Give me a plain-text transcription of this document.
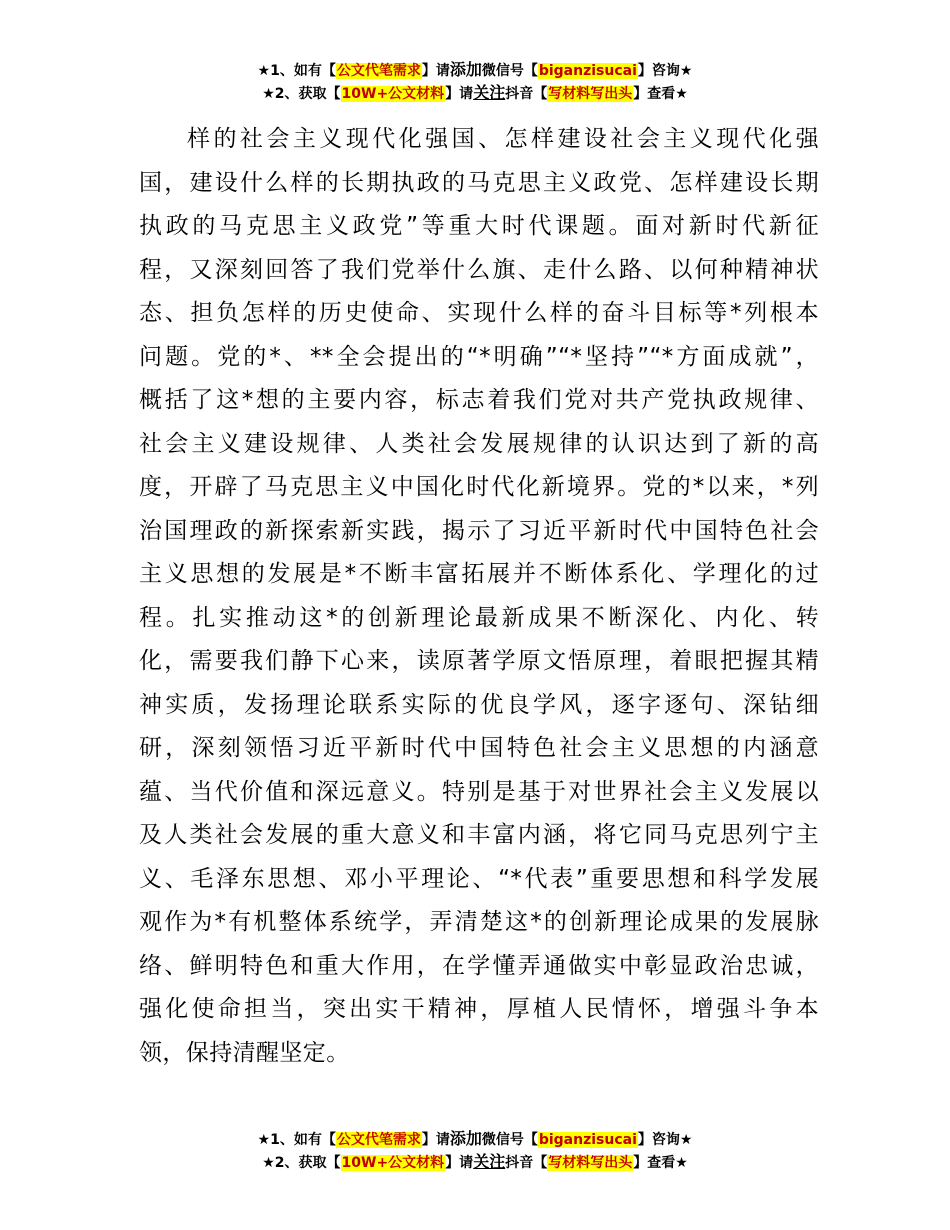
★1、如有【公文代笔需求】请添加微信号【biganzisucai】咨询★
★2、获取【10W+公文材料】请关注抖音【写材料写出头】查看★
样的社会主义现代化强国、怎样建设社会主义现代化强
国，建设什么样的长期执政的马克思主义政党、怎样建设长期
执政的马克思主义政党”等重大时代课题。面对新时代新征
程，又深刻回答了我们党举什么旗、走什么路、以何种精神状
态、担负怎样的历史使命、实现什么样的奋斗目标等*列根本
问题。党的*、**全会提出的“*明确”“*坚持”“*方面成就”，
概括了这*想的主要内容，标志着我们党对共产党执政规律、
社会主义建设规律、人类社会发展规律的认识达到了新的高
度，开辟了马克思主义中国化时代化新境界。党的*以来，*列
治国理政的新探索新实践，揭示了习近平新时代中国特色社会
主义思想的发展是*不断丰富拓展并不断体系化、学理化的过
程。扎实推动这*的创新理论最新成果不断深化、内化、转
化，需要我们静下心来，读原著学原文悟原理，着眼把握其精
神实质，发扬理论联系实际的优良学风，逐字逐句、深钻细
研，深刻领悟习近平新时代中国特色社会主义思想的内涵意
蕴、当代价值和深远意义。特别是基于对世界社会主义发展以
及人类社会发展的重大意义和丰富内涵，将它同马克思列宁主
义、毛泽东思想、邓小平理论、“*代表”重要思想和科学发展
观作为*有机整体系统学，弄清楚这*的创新理论成果的发展脉
络、鲜明特色和重大作用，在学懂弄通做实中彰显政治忠诚，
强化使命担当，突出实干精神，厚植人民情怀，增强斗争本
领，保持清醒坚定。
★1、如有【公文代笔需求】请添加微信号【biganzisucai】咨询★
★2、获取【10W+公文材料】请关注抖音【写材料写出头】查看★
